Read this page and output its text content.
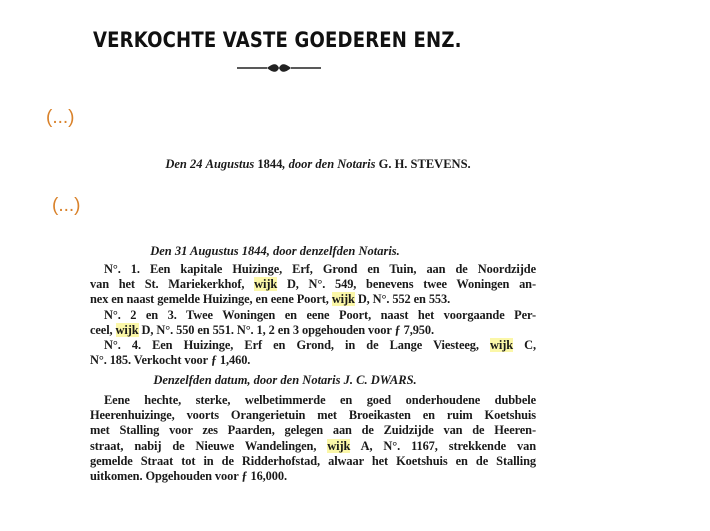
VERKOCHTE VASTE GOEDEREN ENZ.
(...)
Den 24 Augustus 1844, door den Notaris G. H. STEVENS.
(...)
Den 31 Augustus 1844, door denzelfden Notaris.
N°. 1. Een kapitale Huizinge, Erf, Grond en Tuin, aan de Noordzijde
van het St. Mariekerkhof, wijk D, N°. 549, benevens twee Woningen an-
nex en naast gemelde Huizinge, en eene Poort, wijk D, N°. 552 en 553.
N°. 2 en 3. Twee Woningen en eene Poort, naast het voorgaande Per-
ceel, wijk D, N°. 550 en 551. N°. 1, 2 en 3 opgehouden voor ƒ 7,950.
N°. 4. Een Huizinge, Erf en Grond, in de Lange Viesteeg, wijk C,
N°. 185. Verkocht voor ƒ 1,460.
Denzelfden datum, door den Notaris J. C. DWARS.
Eene hechte, sterke, welbetimmerde en goed onderhoudene dubbele
Heerenhuizinge, voorts Orangerietuin met Broeikasten en ruim Koetshuis
met Stalling voor zes Paarden, gelegen aan de Zuidzijde van de Heeren-
straat, nabij de Nieuwe Wandelingen, wijk A, N°. 1167, strekkende van
gemelde Straat tot in de Ridderhofstad, alwaar het Koetshuis en de Stalling
uitkomen. Opgehouden voor ƒ 16,000.
